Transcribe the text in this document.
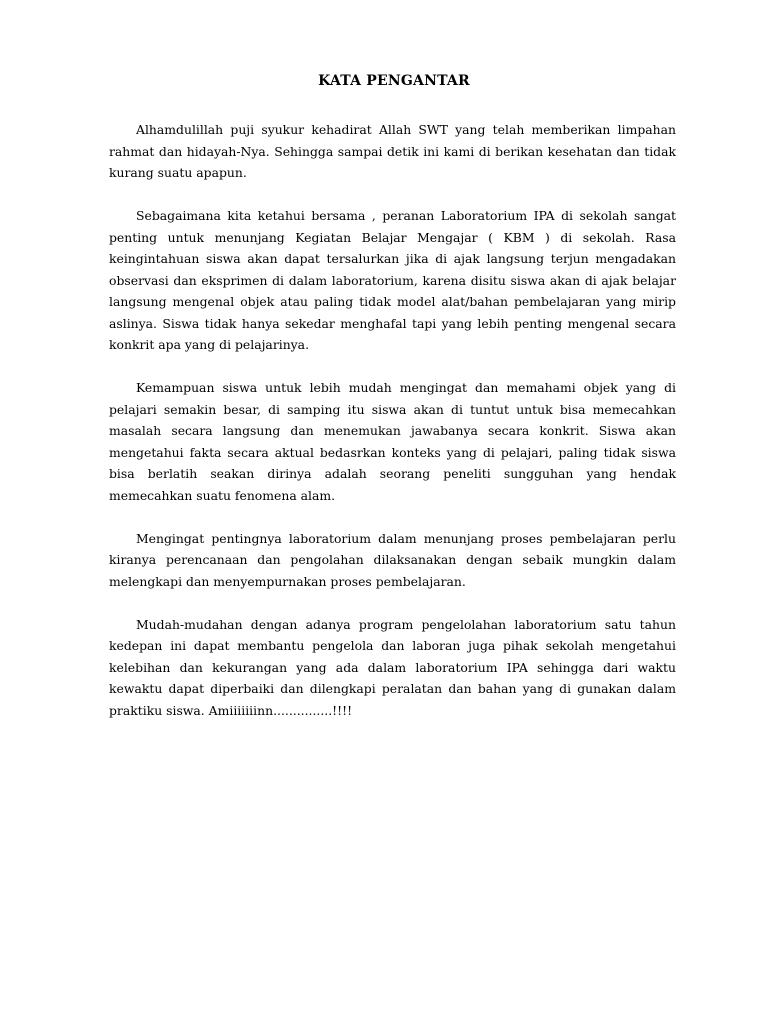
KATA PENGANTAR

Alhamdulillah puji syukur kehadirat Allah SWT yang telah memberikan limpahan rahmat dan hidayah-Nya. Sehingga sampai detik ini kami di berikan kesehatan dan tidak kurang suatu apapun.

Sebagaimana kita ketahui bersama , peranan Laboratorium IPA di sekolah sangat penting untuk menunjang Kegiatan Belajar Mengajar ( KBM ) di sekolah. Rasa keingintahuan siswa akan dapat tersalurkan jika di ajak langsung terjun mengadakan observasi dan eksprimen di dalam laboratorium, karena disitu siswa akan di ajak belajar langsung mengenal objek atau paling tidak model alat/bahan pembelajaran yang mirip aslinya. Siswa tidak hanya sekedar menghafal tapi yang lebih penting mengenal secara konkrit apa yang di pelajarinya.

Kemampuan siswa untuk lebih mudah mengingat dan memahami objek yang di pelajari semakin besar, di samping itu siswa akan di tuntut untuk bisa memecahkan masalah secara langsung dan menemukan jawabanya secara konkrit. Siswa akan mengetahui fakta secara aktual bedasrkan konteks yang di pelajari, paling tidak siswa bisa berlatih seakan dirinya adalah seorang peneliti sungguhan yang hendak memecahkan suatu fenomena alam.

Mengingat pentingnya laboratorium dalam menunjang proses pembelajaran perlu kiranya perencanaan dan pengolahan dilaksanakan dengan sebaik mungkin dalam melengkapi dan menyempurnakan proses pembelajaran.

Mudah-mudahan dengan adanya program pengelolahan laboratorium satu tahun kedepan ini dapat membantu pengelola dan laboran juga pihak sekolah mengetahui kelebihan dan kekurangan yang ada dalam laboratorium IPA sehingga dari waktu kewaktu dapat diperbaiki dan dilengkapi peralatan dan bahan yang di gunakan dalam praktiku siswa. Amiiiiiiinn...............!!!!
